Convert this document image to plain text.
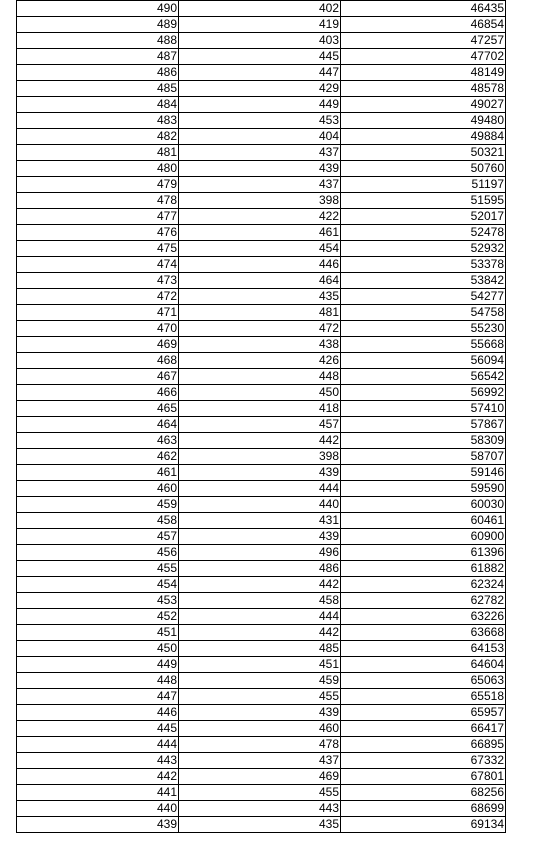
490	402	46435
489	419	46854
488	403	47257
487	445	47702
486	447	48149
485	429	48578
484	449	49027
483	453	49480
482	404	49884
481	437	50321
480	439	50760
479	437	51197
478	398	51595
477	422	52017
476	461	52478
475	454	52932
474	446	53378
473	464	53842
472	435	54277
471	481	54758
470	472	55230
469	438	55668
468	426	56094
467	448	56542
466	450	56992
465	418	57410
464	457	57867
463	442	58309
462	398	58707
461	439	59146
460	444	59590
459	440	60030
458	431	60461
457	439	60900
456	496	61396
455	486	61882
454	442	62324
453	458	62782
452	444	63226
451	442	63668
450	485	64153
449	451	64604
448	459	65063
447	455	65518
446	439	65957
445	460	66417
444	478	66895
443	437	67332
442	469	67801
441	455	68256
440	443	68699
439	435	69134
